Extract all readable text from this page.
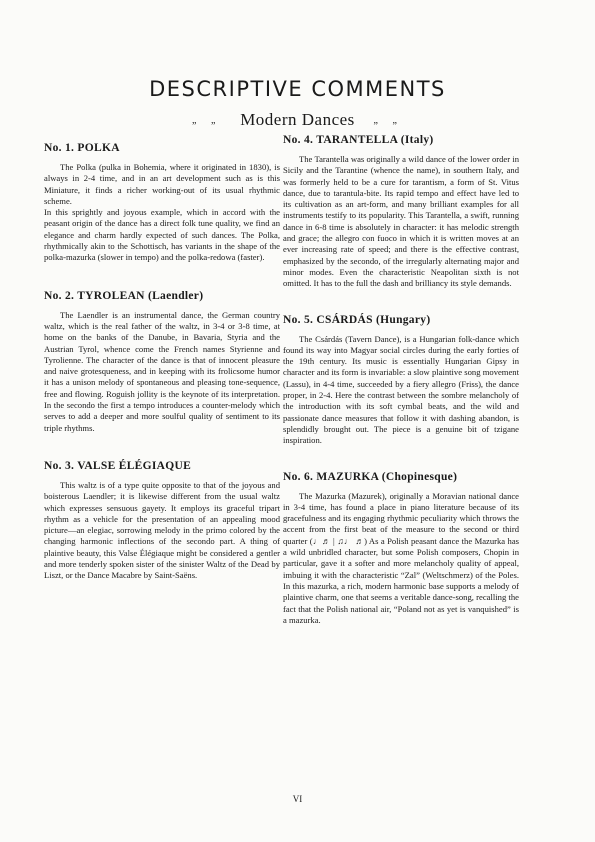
DESCRIPTIVE COMMENTS
„ „ Modern Dances „ „
No. 1. POLKA

The Polka (pulka in Bohemia, where it originated in 1830), is always in 2-4 time, and in an art development such as is this Miniature, it finds a richer working-out of its usual rhythmic scheme.

In this sprightly and joyous example, which in accord with the peasant origin of the dance has a direct folk tune quality, we find an elegance and charm hardly expected of such dances. The Polka, rhythmically akin to the Schottisch, has variants in the shape of the polka-mazurka (slower in tempo) and the polka-redowa (faster).

No. 2. TYROLEAN (Laendler)

The Laendler is an instrumental dance, the German country waltz, which is the real father of the waltz, in 3-4 or 3-8 time, at home on the banks of the Danube, in Bavaria, Styria and the Austrian Tyrol, whence come the French names Styrienne and Tyrolienne. The character of the dance is that of innocent pleasure and naive grotesqueness, and in keeping with its frolicsome humor it has a unison melody of spontaneous and pleasing tone-sequence, free and flowing. Roguish jollity is the keynote of its interpretation. In the secondo the first a tempo introduces a counter-melody which serves to add a deeper and more soulful quality of sentiment to its triple rhythms.

No. 3. VALSE ÉLÉGIAQUE

This waltz is of a type quite opposite to that of the joyous and boisterous Laendler; it is likewise different from the usual waltz which expresses sensuous gayety. It employs its graceful tripart rhythm as a vehicle for the presentation of an appealing mood picture—an elegiac, sorrowing melody in the primo colored by the changing harmonic inflections of the secondo part. A thing of plaintive beauty, this Valse Élégiaque might be considered a gentler and more tenderly spoken sister of the sinister Waltz of the Dead by Liszt, or the Dance Macabre by Saint-Saëns.

No. 4. TARANTELLA (Italy)

The Tarantella was originally a wild dance of the lower order in Sicily and the Tarantine (whence the name), in southern Italy, and was formerly held to be a cure for tarantism, a form of St. Vitus dance, due to tarantula-bite. Its rapid tempo and effect have led to its cultivation as an art-form, and many brilliant examples for all instruments testify to its popularity. This Tarantella, a swift, running dance in 6-8 time is absolutely in character: it has melodic strength and grace; the allegro con fuoco in which it is written moves at an ever increasing rate of speed; and there is the effective contrast, emphasized by the secondo, of the irregularly alternating major and minor modes. Even the characteristic Neapolitan sixth is not omitted. It has to the full the dash and brilliancy its style demands.

No. 5. CSÁRDÁS (Hungary)

The Csárdás (Tavern Dance), is a Hungarian folk-dance which found its way into Magyar social circles during the early forties of the 19th century. Its music is essentially Hungarian Gipsy in character and its form is invariable: a slow plaintive song movement (Lassu), in 4-4 time, succeeded by a fiery allegro (Friss), the dance proper, in 2-4. Here the contrast between the sombre melancholy of the introduction with its soft cymbal beats, and the wild and passionate dance measures that follow it with dashing abandon, is splendidly brought out. The piece is a genuine bit of tzigane inspiration.

No. 6. MAZURKA (Chopinesque)

The Mazurka (Mazurek), originally a Moravian national dance in 3-4 time, has found a place in piano literature because of its gracefulness and its engaging rhythmic peculiarity which throws the accent from the first beat of the measure to the second or third quarter (♩♬ | ♫♩ ♬) As a Polish peasant dance the Mazurka has a wild unbridled character, but some Polish composers, Chopin in particular, gave it a softer and more melancholy quality of appeal, imbuing it with the characteristic “Zal” (Weltschmerz) of the Poles. In this mazurka, a rich, modern harmonic base supports a melody of plaintive charm, one that seems a veritable dance-song, recalling the fact that the Polish national air, “Poland not as yet is vanquished” is a mazurka.

VI
